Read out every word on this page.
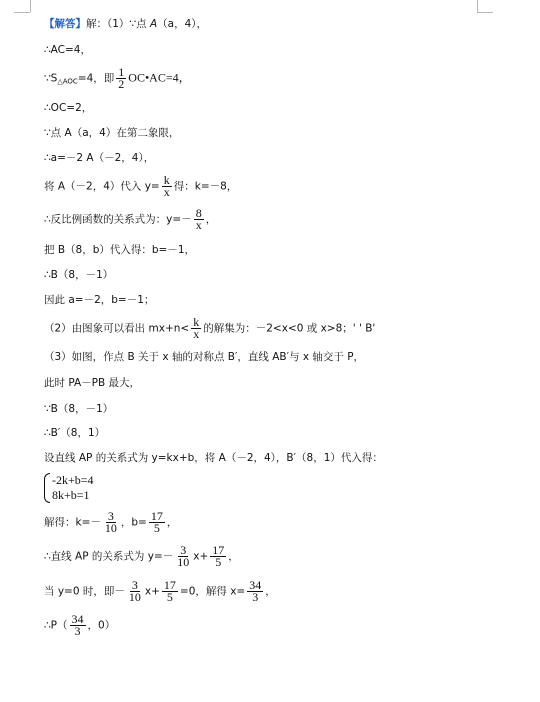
【解答】解：（1）∵点 A（a，4），
∴AC=4，
$\because S_{\triangle AOC}=4$，即 $\frac{1}{2}$ OC•AC=4，
∴OC=2，
∵点 A（a，4）在第二象限，
∴a=－2 A（－2，4），
将 A（－2，4）代入 $y= \frac{k}{x}$ 得：k=－8，
∴反比例函数的关系式为：$y=- \frac{8}{x}$ ，
把 B（8，b）代入得：b=－1，
∴B（8，－1）
因此 a=－2，b=－1；
（2）由图象可以看出 $mx+n< \frac{k}{x}$ 的解集为：－2<x<0 或 x>8；' ' B'
（3）如图，作点 B 关于 x 轴的对称点 B′，直线 AB′与 x 轴交于 P，
此时 PA－PB 最大，
∵B（8，－1）
∴B′（8，1）
设直线 AP 的关系式为 y=kx+b，将 A（－2，4），B′（8，1）代入得：
-2k+b=4
8k+b=1
解得：$k=- \frac{3}{10}$ ，$b= \frac{17}{5}$ ，
∴直线 AP 的关系式为 $y=- \frac{3}{10} x+ \frac{17}{5}$ ，
当 y=0 时，即－ $\frac{3}{10} x+ \frac{17}{5} =0$，解得 $x= \frac{34}{3}$ ，
∴P（ $\frac{34}{3}$ ，0）
